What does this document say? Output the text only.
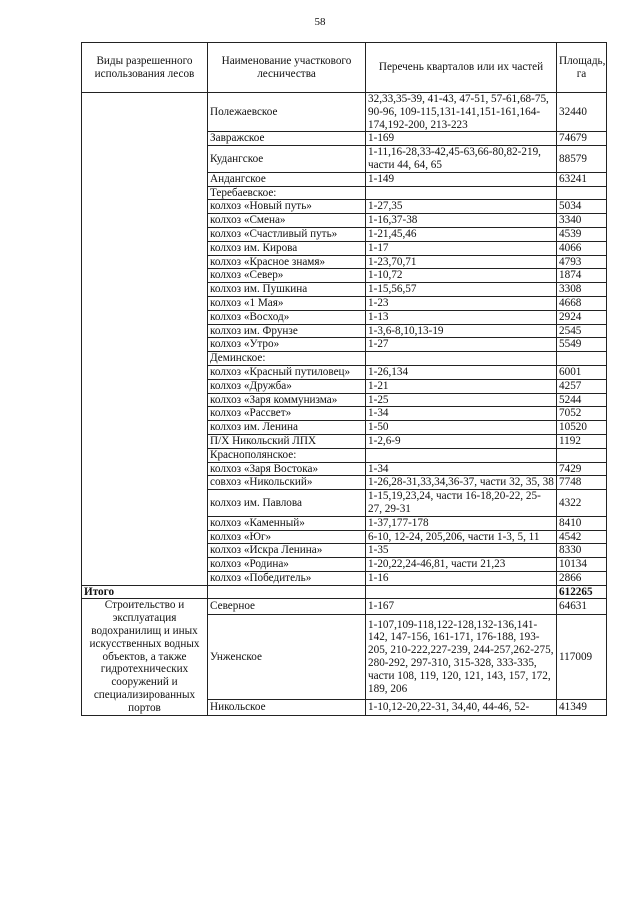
58
Виды разрешенного использования лесов	Наименование участкового лесничества	Перечень кварталов или их частей	Площадь, га
	Полежаевское	32,33,35-39, 41-43, 47-51, 57-61,68-75, 90-96, 109-115,131-141,151-161,164-174,192-200, 213-223	32440
	Завражское	1-169	74679
	Кудангское	1-11,16-28,33-42,45-63,66-80,82-219, части 44, 64, 65	88579
	Андангское	1-149	63241
	Теребаевское:		
	колхоз «Новый путь»	1-27,35	5034
	колхоз «Смена»	1-16,37-38	3340
	колхоз «Счастливый путь»	1-21,45,46	4539
	колхоз им. Кирова	1-17	4066
	колхоз «Красное знамя»	1-23,70,71	4793
	колхоз «Север»	1-10,72	1874
	колхоз им. Пушкина	1-15,56,57	3308
	колхоз «1 Мая»	1-23	4668
	колхоз «Восход»	1-13	2924
	колхоз им. Фрунзе	1-3,6-8,10,13-19	2545
	колхоз «Утро»	1-27	5549
	Деминское:		
	колхоз «Красный путиловец»	1-26,134	6001
	колхоз «Дружба»	1-21	4257
	колхоз «Заря коммунизма»	1-25	5244
	колхоз «Рассвет»	1-34	7052
	колхоз им. Ленина	1-50	10520
	П/Х Никольский ЛПХ	1-2,6-9	1192
	Краснополянское:		
	колхоз «Заря Востока»	1-34	7429
	совхоз «Никольский»	1-26,28-31,33,34,36-37, части 32, 35, 38	7748
	колхоз им. Павлова	1-15,19,23,24, части 16-18,20-22, 25-27, 29-31	4322
	колхоз «Каменный»	1-37,177-178	8410
	колхоз «Юг»	6-10, 12-24, 205,206, части 1-3, 5, 11	4542
	колхоз «Искра Ленина»	1-35	8330
	колхоз «Родина»	1-20,22,24-46,81, части 21,23	10134
	колхоз «Победитель»	1-16	2866
Итого			612265
Строительство и эксплуатация водохранилищ и иных искусственных водных объектов, а также гидротехнических сооружений и специализированных портов	Северное	1-167	64631
	Унженское	1-107,109-118,122-128,132-136,141-142, 147-156, 161-171, 176-188, 193-205, 210-222,227-239, 244-257,262-275, 280-292, 297-310, 315-328, 333-335, части 108, 119, 120, 121, 143, 157, 172, 189, 206	117009
	Никольское	1-10,12-20,22-31, 34,40, 44-46, 52-	41349
